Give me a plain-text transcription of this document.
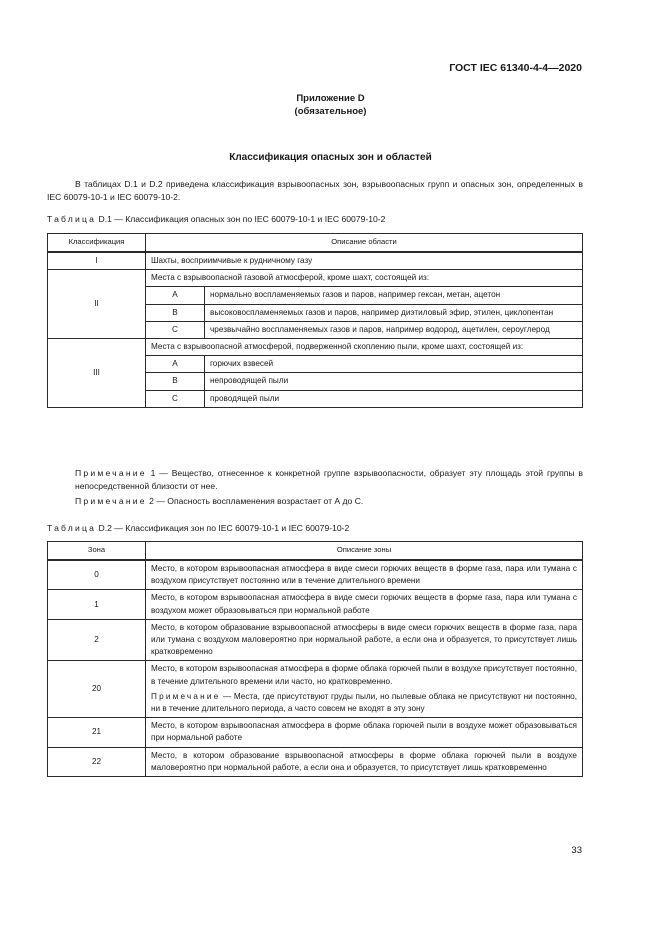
ГОСТ IEC 61340-4-4—2020
Приложение D
(обязательное)
Классификация опасных зон и областей
В таблицах D.1 и D.2 приведена классификация взрывоопасных зон, взрывоопасных групп и опасных зон, определенных в IEC 60079-10-1 и IEC 60079-10-2.
Таблица D.1 — Классификация опасных зон по IEC 60079-10-1 и IEC 60079-10-2
Классификация	Описание области	
I	Шахты, восприимчивые к рудничному газу	
II	Места с взрывоопасной газовой атмосферой, кроме шахт, состоящей из:	
	A	нормально воспламеняемых газов и паров, например гексан, метан, ацетон
	B	высоковоспламеняемых газов и паров, например диэтиловый эфир, этилен, циклопентан
	C	чрезвычайно воспламеняемых газов и паров, например водород, ацетилен, сероуглерод
III	Места с взрывоопасной атмосферой, подверженной скоплению пыли, кроме шахт, состоящей из:	
	A	горючих взвесей
	B	непроводящей пыли
	C	проводящей пыли
Примечание 1 — Вещество, отнесенное к конкретной группе взрывоопасности, образует эту площадь этой группы в непосредственной близости от нее.
Примечание 2 — Опасность воспламенения возрастает от А до С.
Таблица D.2 — Классификация зон по IEC 60079-10-1 и IEC 60079-10-2
Зона	Описание зоны
0	Место, в котором взрывоопасная атмосфера в виде смеси горючих веществ в форме газа, пара или тумана с воздухом присутствует постоянно или в течение длительного времени
1	Место, в котором взрывоопасная атмосфера в виде смеси горючих веществ в форме газа, пара или тумана с воздухом может образовываться при нормальной работе
2	Место, в котором образование взрывоопасной атмосферы в виде смеси горючих веществ в форме газа, пара или тумана с воздухом маловероятно при нормальной работе, а если она и образуется, то присутствует лишь кратковременно
20	Место, в котором взрывоопасная атмосфера в форме облака горючей пыли в воздухе присутствует постоянно, в течение длительного времени или часто, но кратковременно.
Примечание — Места, где присутствуют груды пыли, но пылевые облака не присутствуют ни постоянно, ни в течение длительного периода, а часто совсем не входят в эту зону

21	Место, в котором взрывоопасная атмосфера в форме облака горючей пыли в воздухе может образовываться при нормальной работе
22	Место, в котором образование взрывоопасной атмосферы в форме облака горючей пыли в воздухе маловероятно при нормальной работе, а если она и образуется, то присутствует лишь кратковременно
33
